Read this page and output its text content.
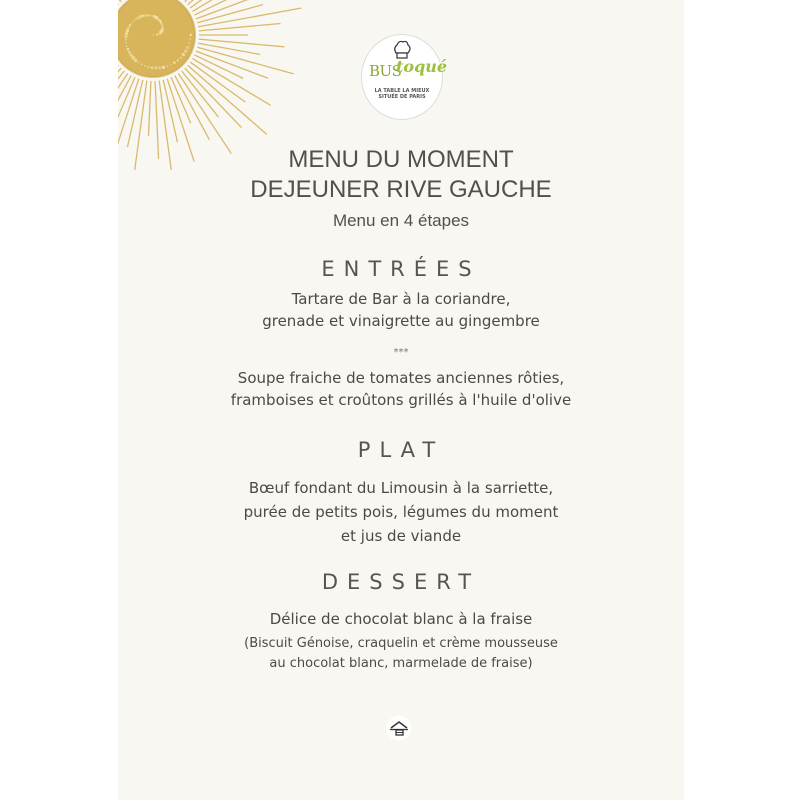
BUS
toqué
LA TABLE LA MIEUX
SITUÉE DE PARIS
MENU DU MOMENT
DEJEUNER RIVE GAUCHE
Menu en 4 étapes
ENTRÉES
Tartare de Bar à la coriandre,
grenade et vinaigrette au gingembre
***
Soupe fraiche de tomates anciennes rôties,
framboises et croûtons grillés à l'huile d'olive
PLAT
Bœuf fondant du Limousin à la sarriette,
purée de petits pois, légumes du moment
et jus de viande
DESSERT
Délice de chocolat blanc à la fraise
(Biscuit Génoise, craquelin et crème mousseuse
au chocolat blanc, marmelade de fraise)
